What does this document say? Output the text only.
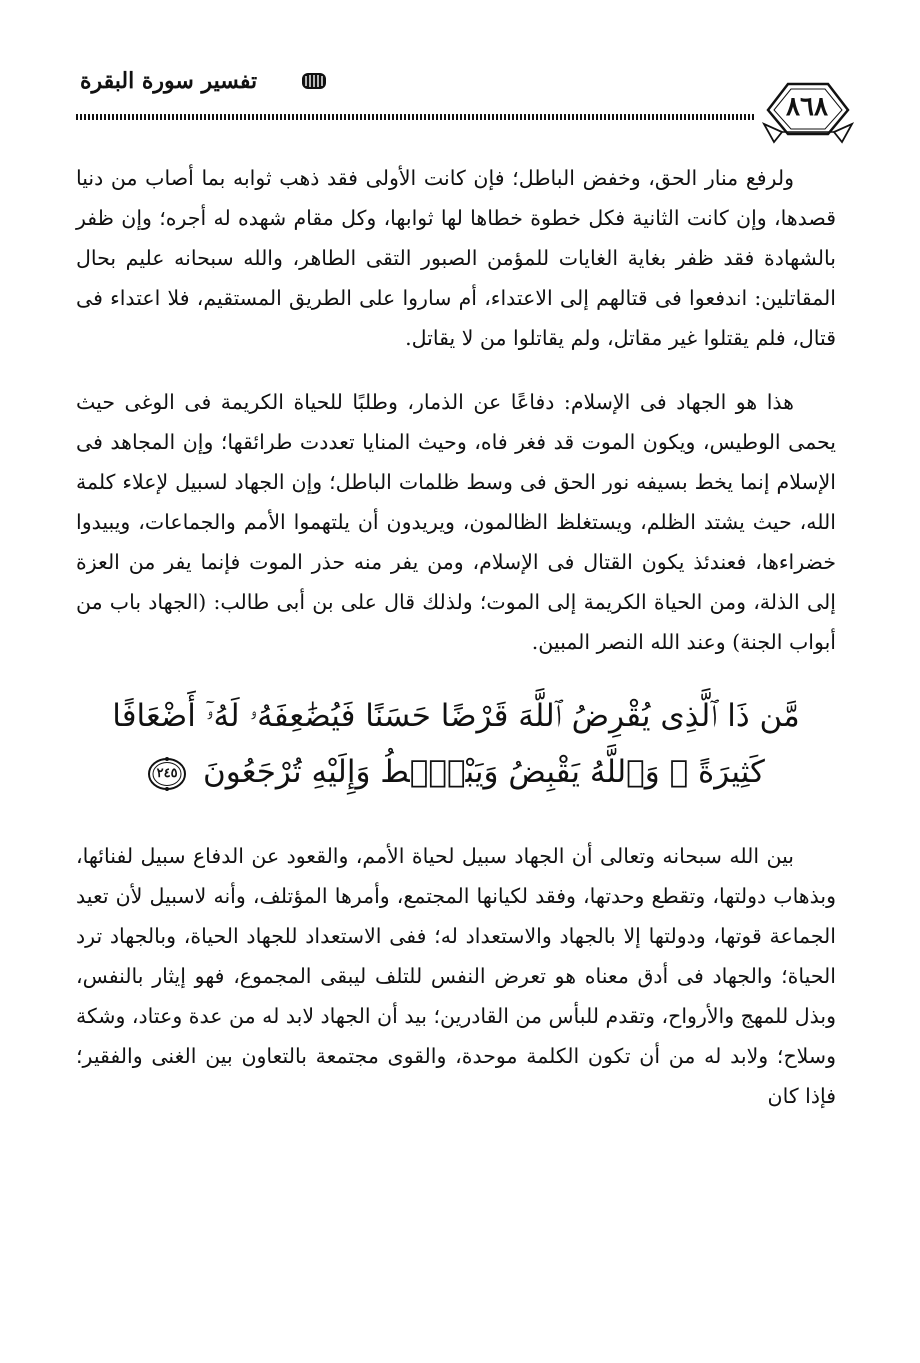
تفسير سورة البقرة
٨٦٨

ولرفع منار الحق، وخفض الباطل؛ فإن كانت الأولى فقد ذهب ثوابه بما أصاب من دنيا قصدها، وإن كانت الثانية فكل خطوة خطاها لها ثوابها، وكل مقام شهده له أجره؛ وإن ظفر بالشهادة فقد ظفر بغاية الغايات للمؤمن الصبور التقى الطاهر، والله سبحانه عليم بحال المقاتلين: اندفعوا فى قتالهم إلى الاعتداء، أم ساروا على الطريق المستقيم، فلا اعتداء فى قتال، فلم يقتلوا غير مقاتل، ولم يقاتلوا من لا يقاتل.

هذا هو الجهاد فى الإسلام: دفاعًا عن الذمار، وطلبًا للحياة الكريمة فى الوغى حيث يحمى الوطيس، ويكون الموت قد فغر فاه، وحيث المنايا تعددت طرائقها؛ وإن المجاهد فى الإسلام إنما يخط بسيفه نور الحق فى وسط ظلمات الباطل؛ وإن الجهاد لسبيل لإعلاء كلمة الله، حيث يشتد الظلم، ويستغلظ الظالمون، ويريدون أن يلتهموا الأمم والجماعات، ويبيدوا خضراءها، فعندئذ يكون القتال فى الإسلام، ومن يفر منه حذر الموت فإنما يفر من العزة إلى الذلة، ومن الحياة الكريمة إلى الموت؛ ولذلك قال على بن أبى طالب: (الجهاد باب من أبواب الجنة) وعند الله النصر المبين.

مَّن ذَا ٱلَّذِى يُقْرِضُ ٱللَّهَ قَرْضًا حَسَنًا فَيُضَٰعِفَهُۥ لَهُۥٓ أَضْعَافًا
كَثِيرَةً ۚ وَٱللَّهُ يَقْبِضُ وَيَبْصُۜطُ وَإِلَيْهِ تُرْجَعُونَ
٢٤٥

بين الله سبحانه وتعالى أن الجهاد سبيل لحياة الأمم، والقعود عن الدفاع سبيل لفنائها، وبذهاب دولتها، وتقطع وحدتها، وفقد لكيانها المجتمع، وأمرها المؤتلف، وأنه لاسبيل لأن تعيد الجماعة قوتها، ودولتها إلا بالجهاد والاستعداد له؛ ففى الاستعداد للجهاد الحياة، وبالجهاد ترد الحياة؛ والجهاد فى أدق معناه هو تعرض النفس للتلف ليبقى المجموع، فهو إيثار بالنفس، وبذل للمهج والأرواح، وتقدم للبأس من القادرين؛ بيد أن الجهاد لابد له من عدة وعتاد، وشكة وسلاح؛ ولابد له من أن تكون الكلمة موحدة، والقوى مجتمعة بالتعاون بين الغنى والفقير؛ فإذا كان
